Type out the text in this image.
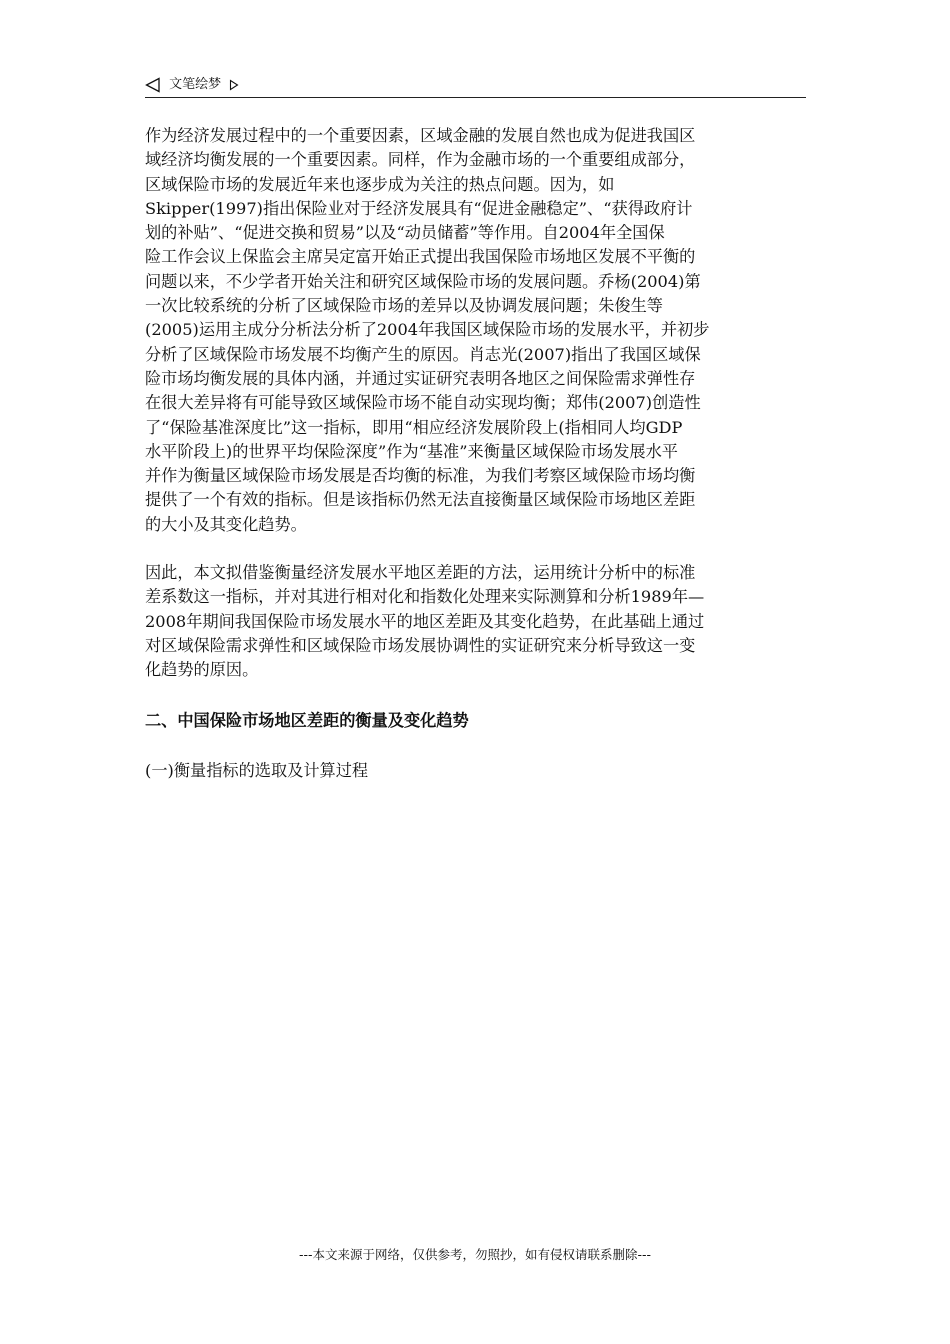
文笔绘梦

作为经济发展过程中的一个重要因素，区域金融的发展自然也成为促进我国区
域经济均衡发展的一个重要因素。同样，作为金融市场的一个重要组成部分，
区域保险市场的发展近年来也逐步成为关注的热点问题。因为，如
Skipper(1997)指出保险业对于经济发展具有“促进金融稳定”、“获得政府计
划的补贴”、“促进交换和贸易”以及“动员储蓄”等作用。自2004年全国保
险工作会议上保监会主席吴定富开始正式提出我国保险市场地区发展不平衡的
问题以来，不少学者开始关注和研究区域保险市场的发展问题。乔杨(2004)第
一次比较系统的分析了区域保险市场的差异以及协调发展问题；朱俊生等
(2005)运用主成分分析法分析了2004年我国区域保险市场的发展水平，并初步
分析了区域保险市场发展不均衡产生的原因。肖志光(2007)指出了我国区域保
险市场均衡发展的具体内涵，并通过实证研究表明各地区之间保险需求弹性存
在很大差异将有可能导致区域保险市场不能自动实现均衡；郑伟(2007)创造性
了“保险基准深度比”这一指标，即用“相应经济发展阶段上(指相同人均GDP
水平阶段上)的世界平均保险深度”作为“基准”来衡量区域保险市场发展水平
并作为衡量区域保险市场发展是否均衡的标准，为我们考察区域保险市场均衡
提供了一个有效的指标。但是该指标仍然无法直接衡量区域保险市场地区差距
的大小及其变化趋势。

因此，本文拟借鉴衡量经济发展水平地区差距的方法，运用统计分析中的标准
差系数这一指标，并对其进行相对化和指数化处理来实际测算和分析1989年—
2008年期间我国保险市场发展水平的地区差距及其变化趋势，在此基础上通过
对区域保险需求弹性和区域保险市场发展协调性的实证研究来分析导致这一变
化趋势的原因。

二、中国保险市场地区差距的衡量及变化趋势

(一)衡量指标的选取及计算过程

---本文来源于网络，仅供参考，勿照抄，如有侵权请联系删除---
